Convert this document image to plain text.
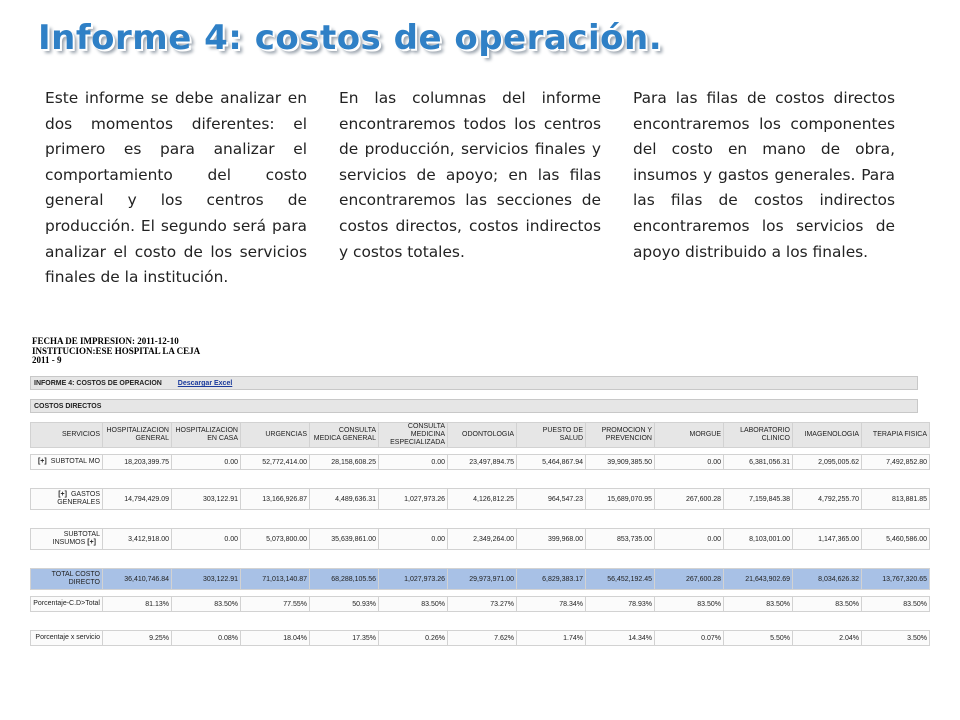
Informe 4: costos de operación.

Este informe se debe analizar en dos momentos diferentes: el primero es para analizar el comportamiento del costo general y los centros de producción. El segundo será para analizar el costo de los servicios finales de la institución.

En las columnas del informe encontraremos todos los centros de producción, servicios finales y servicios de apoyo; en las filas encontraremos las secciones de costos directos, costos indirectos y costos totales.

Para las filas de costos directos encontraremos los componentes del costo en mano de obra, insumos y gastos generales. Para las filas de costos indirectos encontraremos los servicios de apoyo distribuido a los finales.

FECHA DE IMPRESION: 2011-12-10
INSTITUCION:ESE HOSPITAL LA CEJA
2011 - 9
INFORME 4: COSTOS DE OPERACION Descargar Excel
COSTOS DIRECTOS
SERVICIOS	HOSPITALIZACION GENERAL	HOSPITALIZACION EN CASA	URGENCIAS	CONSULTA MEDICA GENERAL	CONSULTA MEDICINA ESPECIALIZADA	ODONTOLOGIA	PUESTO DE SALUD	PROMOCION Y PREVENCION	MORGUE	LABORATORIO CLINICO	IMAGENOLOGIA	TERAPIA FISICA

[+] SUBTOTAL MO	18,203,399.75	0.00	52,772,414.00	28,158,608.25	0.00	23,497,894.75	5,464,867.94	39,909,385.50	0.00	6,381,056.31	2,095,005.62	7,492,852.80

[+] GASTOS GENERALES	14,794,429.09	303,122.91	13,166,926.87	4,489,636.31	1,027,973.26	4,126,812.25	964,547.23	15,689,070.95	267,600.28	7,159,845.38	4,792,255.70	813,881.85

SUBTOTAL INSUMOS [+]	3,412,918.00	0.00	5,073,800.00	35,639,861.00	0.00	2,349,264.00	399,968.00	853,735.00	0.00	8,103,001.00	1,147,365.00	5,460,586.00

TOTAL COSTO DIRECTO	36,410,746.84	303,122.91	71,013,140.87	68,288,105.56	1,027,973.26	29,973,971.00	6,829,383.17	56,452,192.45	267,600.28	21,643,902.69	8,034,626.32	13,767,320.65

Porcentaje-C.D>Total	81.13%	83.50%	77.55%	50.93%	83.50%	73.27%	78.34%	78.93%	83.50%	83.50%	83.50%	83.50%

Porcentaje x servicio	9.25%	0.08%	18.04%	17.35%	0.26%	7.62%	1.74%	14.34%	0.07%	5.50%	2.04%	3.50%
